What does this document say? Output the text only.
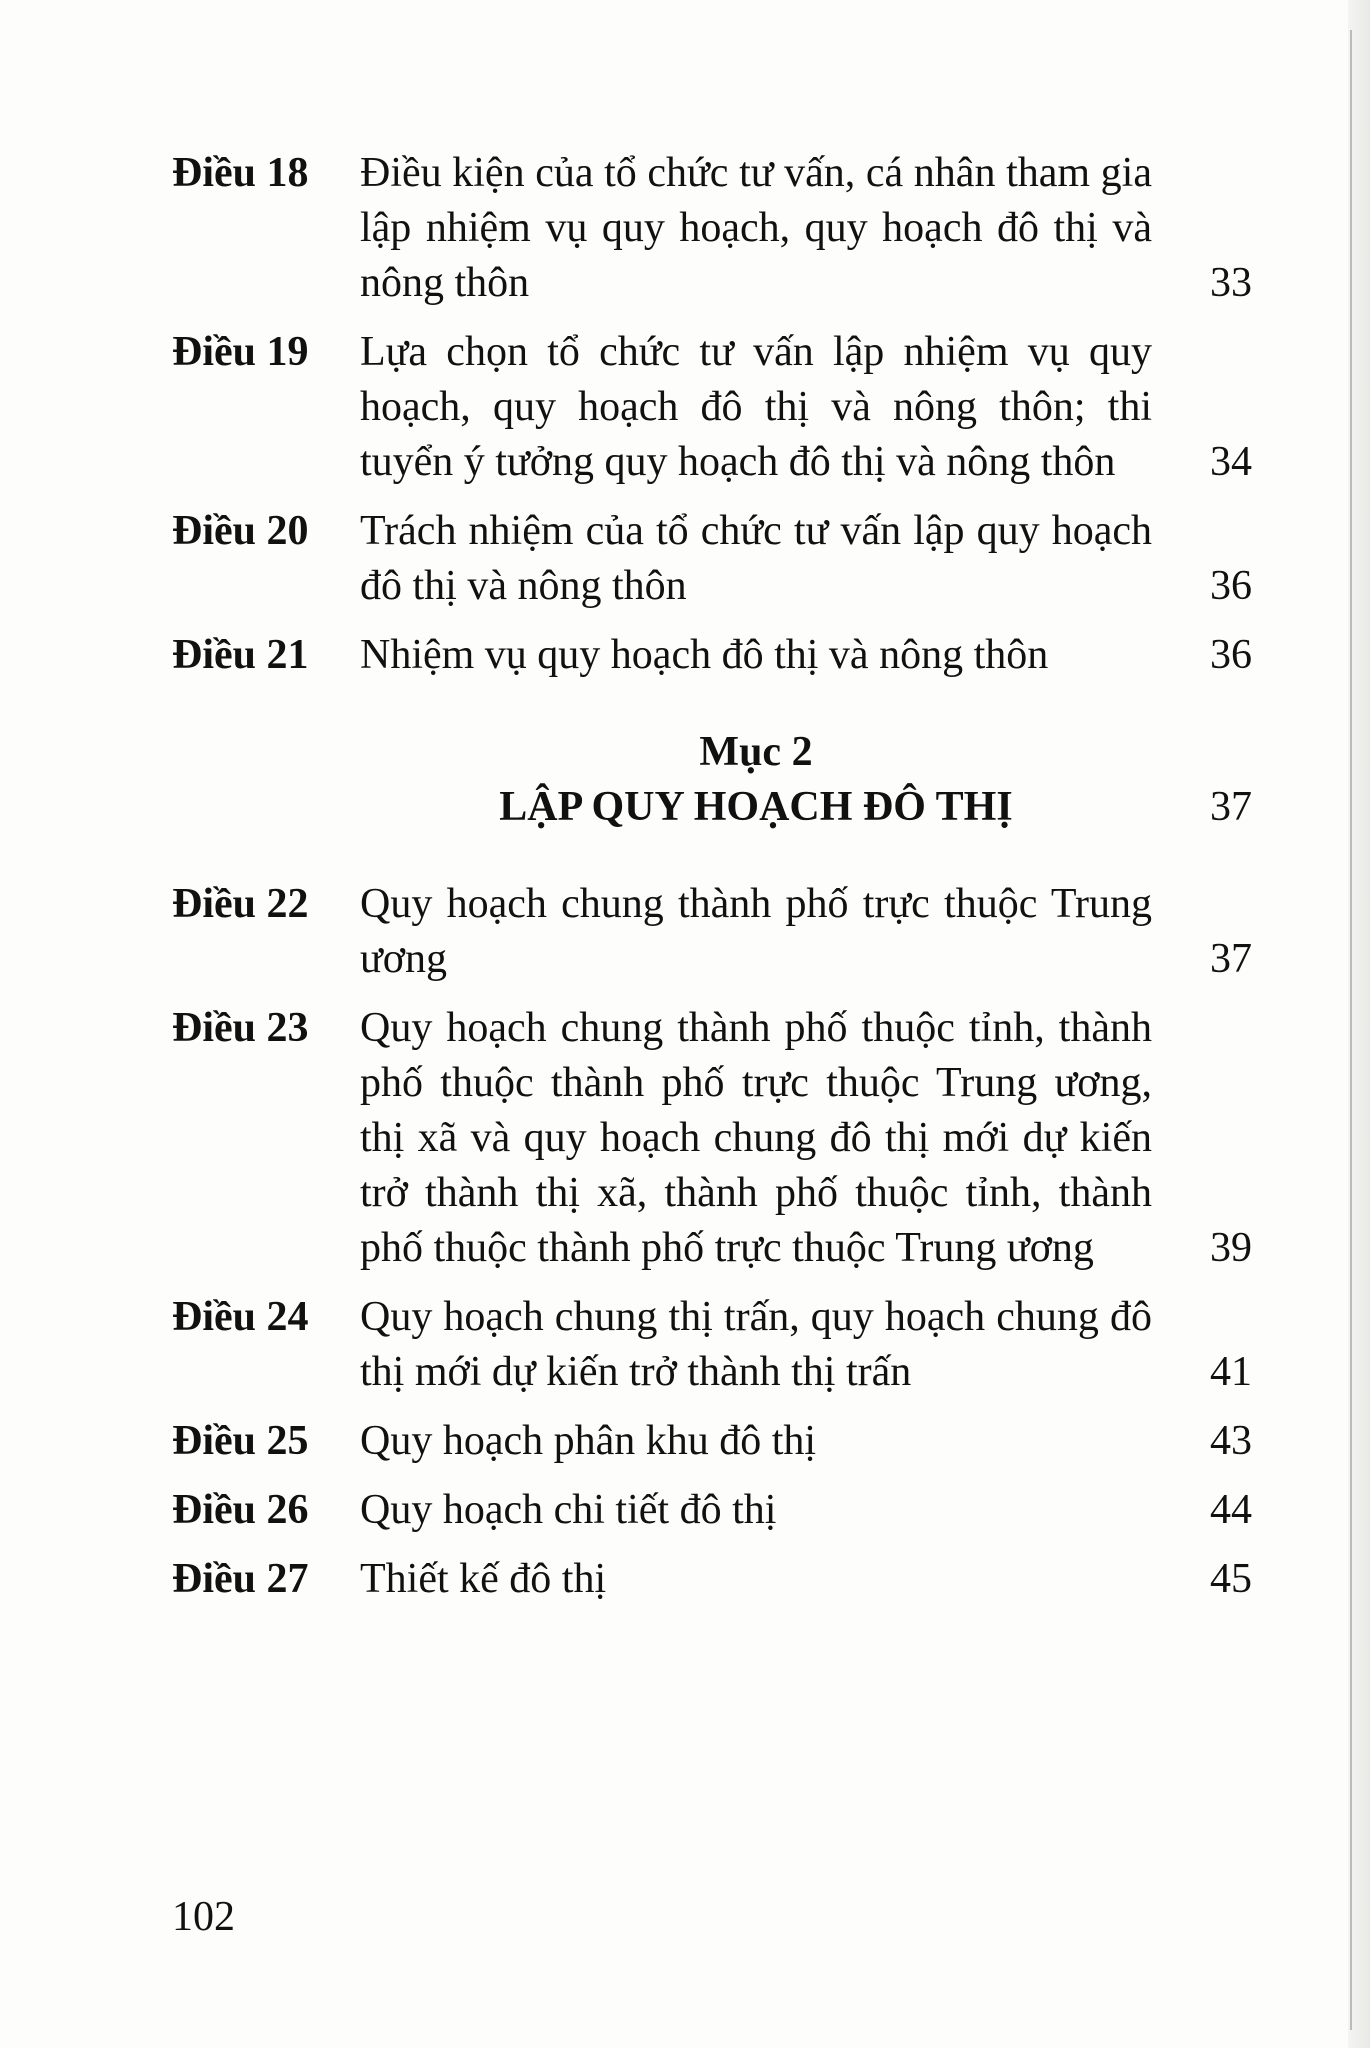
Điều 18	Điều kiện của tổ chức tư vấn, cá nhân tham gia lập nhiệm vụ quy hoạch, quy hoạch đô thị và nông thôn	33
Điều 19	Lựa chọn tổ chức tư vấn lập nhiệm vụ quy hoạch, quy hoạch đô thị và nông thôn; thi tuyển ý tưởng quy hoạch đô thị và nông thôn	34
Điều 20	Trách nhiệm của tổ chức tư vấn lập quy hoạch đô thị và nông thôn	36
Điều 21	Nhiệm vụ quy hoạch đô thị và nông thôn	36
Mục 2
LẬP QUY HOẠCH ĐÔ THỊ	37
Điều 22	Quy hoạch chung thành phố trực thuộc Trung ương	37
Điều 23	Quy hoạch chung thành phố thuộc tỉnh, thành phố thuộc thành phố trực thuộc Trung ương, thị xã và quy hoạch chung đô thị mới dự kiến trở thành thị xã, thành phố thuộc tỉnh, thành phố thuộc thành phố trực thuộc Trung ương	39
Điều 24	Quy hoạch chung thị trấn, quy hoạch chung đô thị mới dự kiến trở thành thị trấn	41
Điều 25	Quy hoạch phân khu đô thị	43
Điều 26	Quy hoạch chi tiết đô thị	44
Điều 27	Thiết kế đô thị	45
102
